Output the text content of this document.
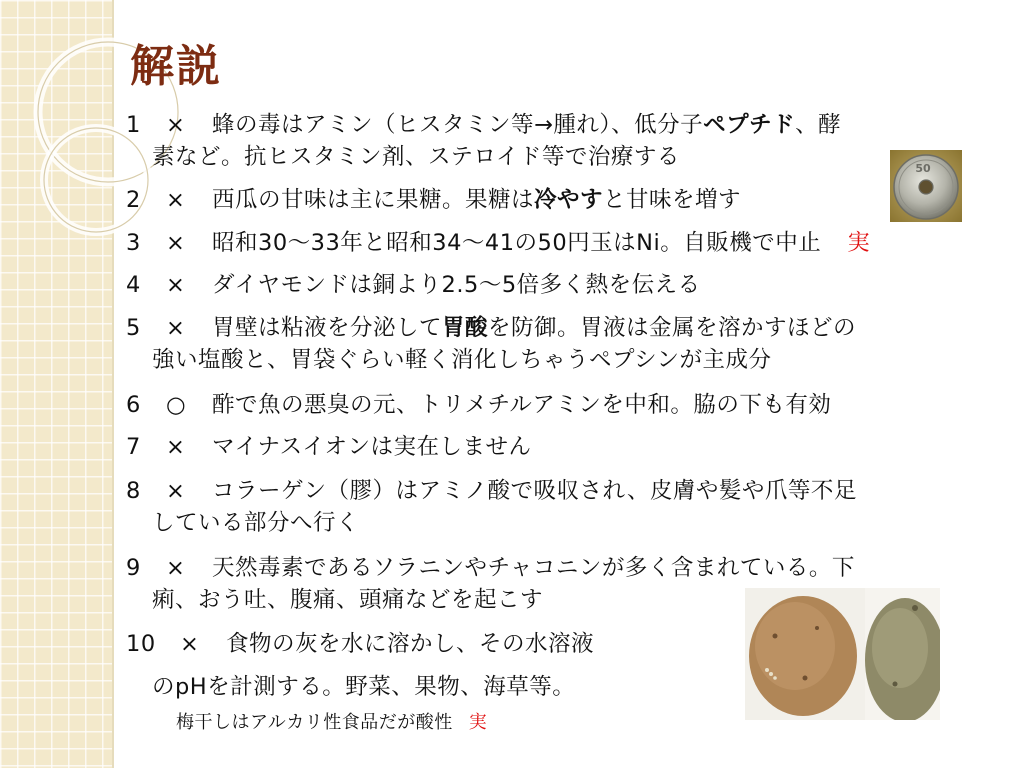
解説
1 × 蜂の毒はアミン（ヒスタミン等→腫れ）、低分子ペプチド、酵
素など。抗ヒスタミン剤、ステロイド等で治療する
2 × 西瓜の甘味は主に果糖。果糖は冷やすと甘味を増す
3 × 昭和30〜33年と昭和34〜41の50円玉はNi。自販機で中止 実
4 × ダイヤモンドは銅より2.5〜5倍多く熱を伝える
5 × 胃壁は粘液を分泌して胃酸を防御。胃液は金属を溶かすほどの
強い塩酸と、胃袋ぐらい軽く消化しちゃうペプシンが主成分
6 ○ 酢で魚の悪臭の元、トリメチルアミンを中和。脇の下も有効
7 × マイナスイオンは実在しません
8 × コラーゲン（膠）はアミノ酸で吸収され、皮膚や髪や爪等不足
している部分へ行く
9 × 天然毒素であるソラニンやチャコニンが多く含まれている。下
痢、おう吐、腹痛、頭痛などを起こす
10 × 食物の灰を水に溶かし、その水溶液
のpHを計測する。野菜、果物、海草等。
梅干しはアルカリ性食品だが酸性 実
50
